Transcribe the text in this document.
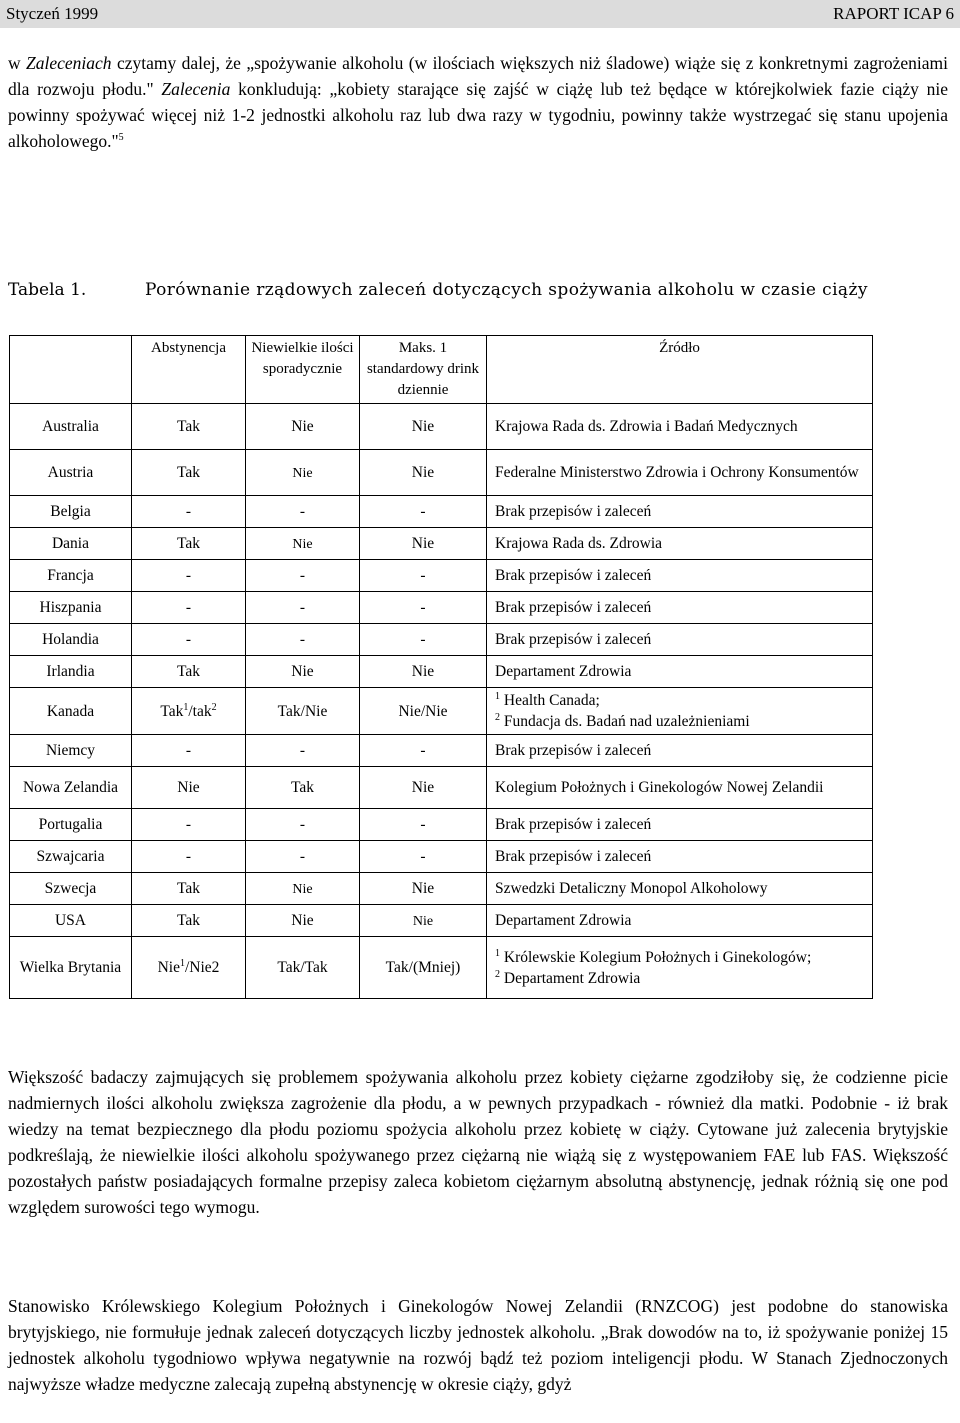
Styczeń 1999	RAPORT ICAP 6

w Zaleceniach czytamy dalej, że „spożywanie alkoholu (w ilościach większych niż śladowe) wiąże się z konkretnymi zagrożeniami dla rozwoju płodu." Zalecenia konkludują: „kobiety starające się zajść w ciążę lub też będące w którejkolwiek fazie ciąży nie powinny spożywać więcej niż 1-2 jednostki alkoholu raz lub dwa razy w tygodniu, powinny także wystrzegać się stanu upojenia alkoholowego."$^5$

Tabela 1.	Porównanie rządowych zaleceń dotyczących spożywania alkoholu w czasie ciąży
	Abstynencja	Niewielkie ilości sporadycznie	Maks. 1 standardowy drink dziennie	Źródło
Australia	Tak	Nie	Nie	Krajowa Rada ds. Zdrowia i Badań Medycznych
Austria	Tak	Nie	Nie	Federalne Ministerstwo Zdrowia i Ochrony Konsumentów
Belgia	-	-	-	Brak przepisów i zaleceń
Dania	Tak	Nie	Nie	Krajowa Rada ds. Zdrowia
Francja	-	-	-	Brak przepisów i zaleceń
Hiszpania	-	-	-	Brak przepisów i zaleceń
Holandia	-	-	-	Brak przepisów i zaleceń
Irlandia	Tak	Nie	Nie	Departament Zdrowia
Kanada	Tak$^1$/tak$^2$	Tak/Nie	Nie/Nie	$^1$ Health Canada;
$^2$ Fundacja ds. Badań nad uzależnieniami

Niemcy	-	-	-	Brak przepisów i zaleceń
Nowa Zelandia	Nie	Tak	Nie	Kolegium Położnych i Ginekologów Nowej Zelandii
Portugalia	-	-	-	Brak przepisów i zaleceń
Szwajcaria	-	-	-	Brak przepisów i zaleceń
Szwecja	Tak	Nie	Nie	Szwedzki Detaliczny Monopol Alkoholowy
USA	Tak	Nie	Nie	Departament Zdrowia
Wielka Brytania	Nie$^1$/Nie2	Tak/Tak	Tak/(Mniej)	$^1$ Królewskie Kolegium Położnych i Ginekologów;
$^2$ Departament Zdrowia

Większość badaczy zajmujących się problemem spożywania alkoholu przez kobiety ciężarne zgodziłoby się, że codzienne picie nadmiernych ilości alkoholu zwiększa zagrożenie dla płodu, a w pewnych przypadkach - również dla matki. Podobnie - iż brak wiedzy na temat bezpiecznego dla płodu poziomu spożycia alkoholu przez kobietę w ciąży. Cytowane już zalecenia brytyjskie podkreślają, że niewielkie ilości alkoholu spożywanego przez ciężarną nie wiążą się z występowaniem FAE lub FAS. Większość pozostałych państw posiadających formalne przepisy zaleca kobietom ciężarnym absolutną abstynencję, jednak różnią się one pod względem surowości tego wymogu.

Stanowisko Królewskiego Kolegium Położnych i Ginekologów Nowej Zelandii (RNZCOG) jest podobne do stanowiska brytyjskiego, nie formułuje jednak zaleceń dotyczących liczby jednostek alkoholu. „Brak dowodów na to, iż spożywanie poniżej 15 jednostek alkoholu tygodniowo wpływa negatywnie na rozwój bądź też poziom inteligencji płodu. W Stanach Zjednoczonych najwyższe władze medyczne zalecają zupełną abstynencję w okresie ciąży, gdyż
